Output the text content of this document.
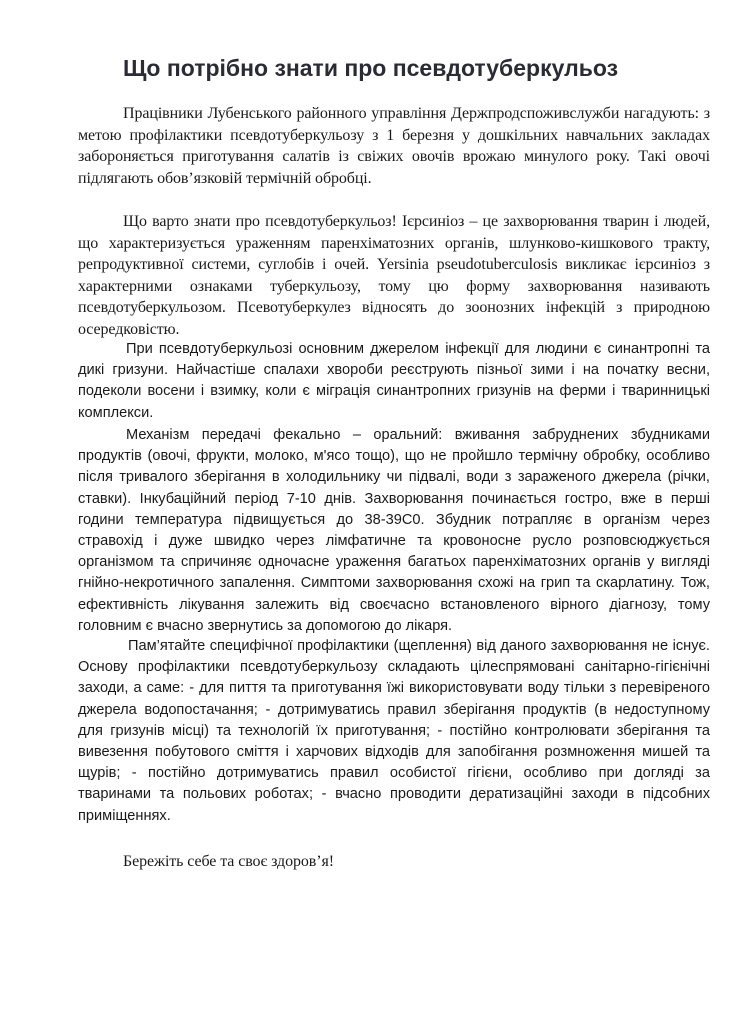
Що потрібно знати про псевдотуберкульоз

Працівники Лубенського районного управління Держпродспоживслужби нагадують: з метою профілактики псевдотуберкульозу з 1 березня у дошкільних навчальних закладах забороняється приготування салатів із свіжих овочів врожаю минулого року. Такі овочі підлягають обов’язковій термічній обробці.

Що варто знати про псевдотуберкульоз! Ієрсиніоз – це захворювання тварин і людей, що характеризується ураженням паренхіматозних органів, шлунково-кишкового тракту, репродуктивної системи, суглобів і очей. Yersinia pseudotuberculosis викликає ієрсиніоз з характерними ознаками туберкульозу, тому цю форму захворювання називають псевдотуберкульозом. Псевотуберкулез відносять до зоонозних інфекцій з природною осередковістю.

При псевдотуберкульозі основним джерелом інфекції для людини є синантропні та дикі гризуни. Найчастіше спалахи хвороби реєструють пізньої зими і на початку весни, подеколи восени і взимку, коли є міграція синантропних гризунів на ферми і тваринницькі комплекси.

Механізм передачі фекально – оральний: вживання забруднених збудниками продуктів (овочі, фрукти, молоко, м'ясо тощо), що не пройшло термічну обробку, особливо після тривалого зберігання в холодильнику чи підвалі, води з зараженого джерела (річки, ставки). Інкубаційний період 7-10 днів. Захворювання починається гостро, вже в перші години температура підвищується до 38-39С0. Збудник потрапляє в організм через стравохід і дуже швидко через лімфатичне та кровоносне русло розповсюджується організмом та спричиняє одночасне ураження багатьох паренхіматозних органів у вигляді гнійно-некротичного запалення. Симптоми захворювання схожі на грип та скарлатину. Тож, ефективність лікування залежить від своєчасно встановленого вірного діагнозу, тому головним є вчасно звернутись за допомогою до лікаря.

Пам’ятайте специфічної профілактики (щеплення) від даного захворювання не існує. Основу профілактики псевдотуберкульозу складають цілеспрямовані санітарно-гігієнічні заходи, а саме: - для пиття та приготування їжі використовувати воду тільки з перевіреного джерела водопостачання; - дотримуватись правил зберігання продуктів (в недоступному для гризунів місці) та технологій їх приготування; - постійно контролювати зберігання та вивезення побутового сміття і харчових відходів для запобігання розмноження мишей та щурів; - постійно дотримуватись правил особистої гігієни, особливо при догляді за тваринами та польових роботах; - вчасно проводити дератизаційні заходи в підсобних приміщеннях.

Бережіть себе та своє здоров’я!
